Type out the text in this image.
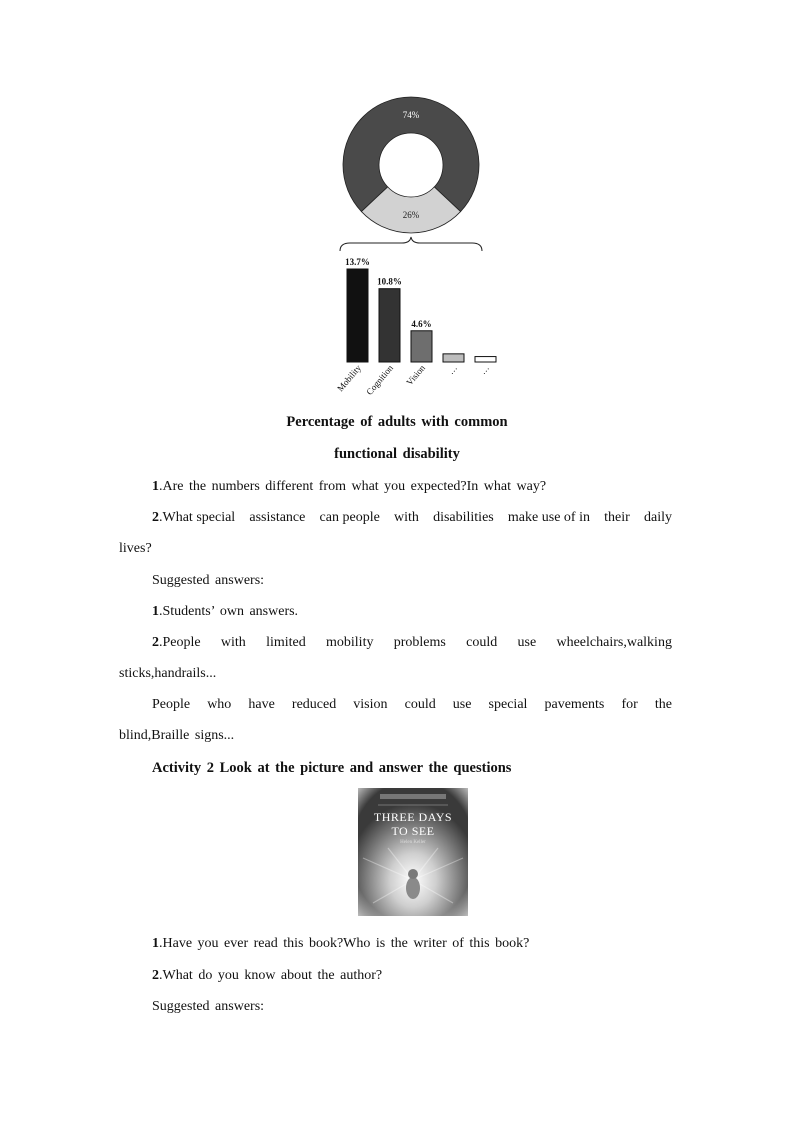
74%
26%
13.7%
Mobility
10.8%
Cognition
4.6%
Vision … …
Percentage of adults with common
functional disability
1.Are the numbers different from what you expected?In what way?
2.What special assistance can people with disabilities make use of in their daily
lives?
Suggested answers:
1.Students’ own answers.
2.People with limited mobility problems could use wheelchairs,walking
sticks,handrails...
People who have reduced vision could use special pavements for the
blind,Braille signs...
Activity 2 Look at the picture and answer the questions
THREE DAYS
TO SEE
Helen Keller
1.Have you ever read this book?Who is the writer of this book?
2.What do you know about the author?
Suggested answers:
